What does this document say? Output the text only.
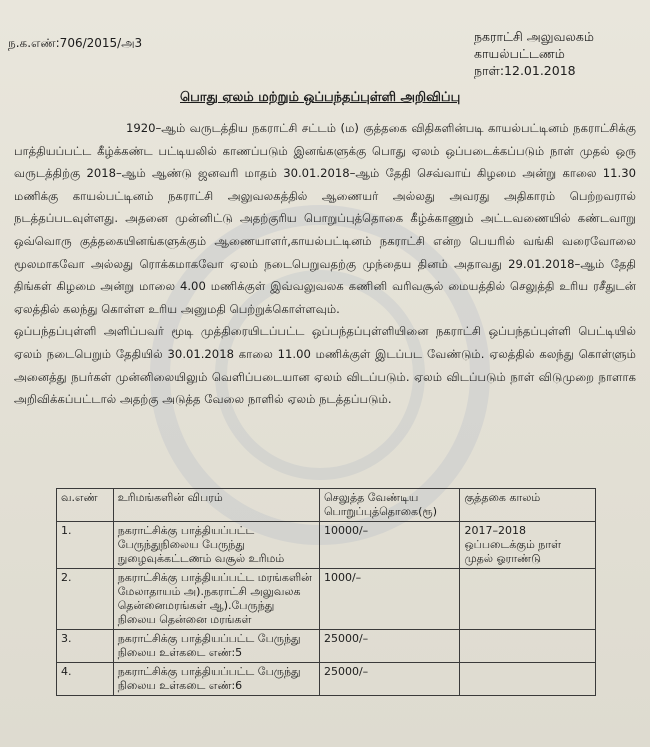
ந.க.எண்:706/2015/அ3	நகராட்சி அலுவலகம்
காயல்பட்டணம்
நாள்:12.01.2018
பொது ஏலம் மற்றும் ஒப்பந்தப்புள்ளி அறிவிப்பு

1920–ஆம் வருடத்திய நகராட்சி சட்டம் (ம) குத்தகை விதிகளின்படி காயல்பட்டினம் நகராட்சிக்கு பாத்தியப்பட்ட கீழ்க்கண்ட பட்டியலில் காணப்படும் இனங்களுக்கு பொது ஏலம் ஒப்படைக்கப்படும் நாள் முதல் ஒரு வருடத்திற்கு 2018–ஆம் ஆண்டு ஜனவரி மாதம் 30.01.2018–ஆம் தேதி செவ்வாய் கிழமை அன்று காலை 11.30 மணிக்கு காயல்பட்டினம் நகராட்சி அலுவலகத்தில் ஆணையர் அல்லது அவரது அதிகாரம் பெற்றவரால் நடத்தப்படவுள்ளது. அதனை முன்னிட்டு அதற்குரிய பொறுப்புத்தொகை கீழ்க்காணும் அட்டவணையில் கண்டவாறு ஒவ்வொரு குத்தகையினங்களுக்கும் ஆணையாளர்,காயல்பட்டினம் நகராட்சி என்ற பெயரில் வங்கி வரைவோலை மூலமாகவோ அல்லது ரொக்கமாகவோ ஏலம் நடைபெறுவதற்கு முந்தைய தினம் அதாவது 29.01.2018–ஆம் தேதி திங்கள் கிழமை அன்று மாலை 4.00 மணிக்குள் இவ்வலுவலக கணினி வரிவசூல் மையத்தில் செலுத்தி உரிய ரசீதுடன் ஏலத்தில் கலந்து கொள்ள உரிய அனுமதி பெற்றுக்கொள்ளவும்.

ஒப்பந்தப்புள்ளி அளிப்பவர் மூடி முத்திரையிடப்பட்ட ஒப்பந்தப்புள்ளியினை நகராட்சி ஒப்பந்தப்புள்ளி பெட்டியில் ஏலம் நடைபெறும் தேதியில் 30.01.2018 காலை 11.00 மணிக்குள் இடப்பட வேண்டும். ஏலத்தில் கலந்து கொள்ளும் அனைத்து நபர்கள் முன்னிலையிலும் வெளிப்படையான ஏலம் விடப்படும். ஏலம் விடப்படும் நாள் விடுமுறை நாளாக அறிவிக்கப்பட்டால் அதற்கு அடுத்த வேலை நாளில் ஏலம் நடத்தப்படும்.

வ.எண்	உரிமங்களின் விபரம்	செலுத்த வேண்டிய பொறுப்புத்தொகை(ரூ)	குத்தகை காலம்
1.	நகராட்சிக்கு பாத்தியப்பட்ட பேருந்துநிலைய பேருந்து நுழைவுக்கட்டணம் வசூல் உரிமம்	10000/–	2017–2018 ஒப்படைக்கும் நாள் முதல் ஓராண்டு
2.	நகராட்சிக்கு பாத்தியப்பட்ட மரங்களின் மேலாதாயம் அ).நகராட்சி அலுவலக தென்னைமரங்கள் ஆ).பேருந்து நிலைய தென்னை மரங்கள்	1000/–	
3.	நகராட்சிக்கு பாத்தியப்பட்ட பேருந்து நிலைய உள்கடை எண்:5	25000/–	
4.	நகராட்சிக்கு பாத்தியப்பட்ட பேருந்து நிலைய உள்கடை எண்:6	25000/–	
